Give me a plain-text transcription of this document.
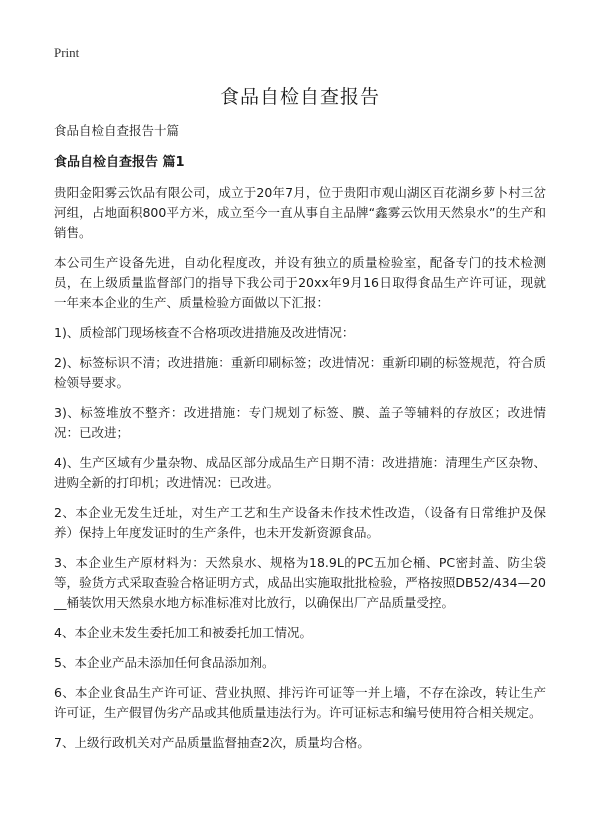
Print

食品自检自查报告

食品自检自查报告十篇

食品自检自查报告 篇1

贵阳金阳雾云饮品有限公司，成立于20年7月，位于贵阳市观山湖区百花湖乡萝卜村三岔河组，占地面积800平方米，成立至今一直从事自主品牌“鑫雾云饮用天然泉水”的生产和销售。

本公司生产设备先进，自动化程度改，并设有独立的质量检验室，配备专门的技术检测员，在上级质量监督部门的指导下我公司于20xx年9月16日取得食品生产许可证，现就一年来本企业的生产、质量检验方面做以下汇报：

1)、质检部门现场核查不合格项改进措施及改进情况：

2)、标签标识不清；改进措施：重新印刷标签；改进情况：重新印刷的标签规范，符合质检领导要求。

3)、标签堆放不整齐：改进措施：专门规划了标签、膜、盖子等辅料的存放区；改进情况：已改进；

4)、生产区域有少量杂物、成品区部分成品生产日期不清：改进措施：清理生产区杂物、进购全新的打印机；改进情况：已改进。

2、本企业无发生迁址，对生产工艺和生产设备未作技术性改造，（设备有日常维护及保养）保持上年度发证时的生产条件，也未开发新资源食品。

3、本企业生产原材料为：天然泉水、规格为18.9L的PC五加仑桶、PC密封盖、防尘袋等，验货方式采取查验合格证明方式，成品出实施取批批检验，严格按照DB52/434—20__桶装饮用天然泉水地方标准标准对比放行，以确保出厂产品质量受控。

4、本企业未发生委托加工和被委托加工情况。

5、本企业产品未添加任何食品添加剂。

6、本企业食品生产许可证、营业执照、排污许可证等一并上墙，不存在涂改，转让生产许可证，生产假冒伪劣产品或其他质量违法行为。许可证标志和编号使用符合相关规定。

7、上级行政机关对产品质量监督抽查2次，质量均合格。
